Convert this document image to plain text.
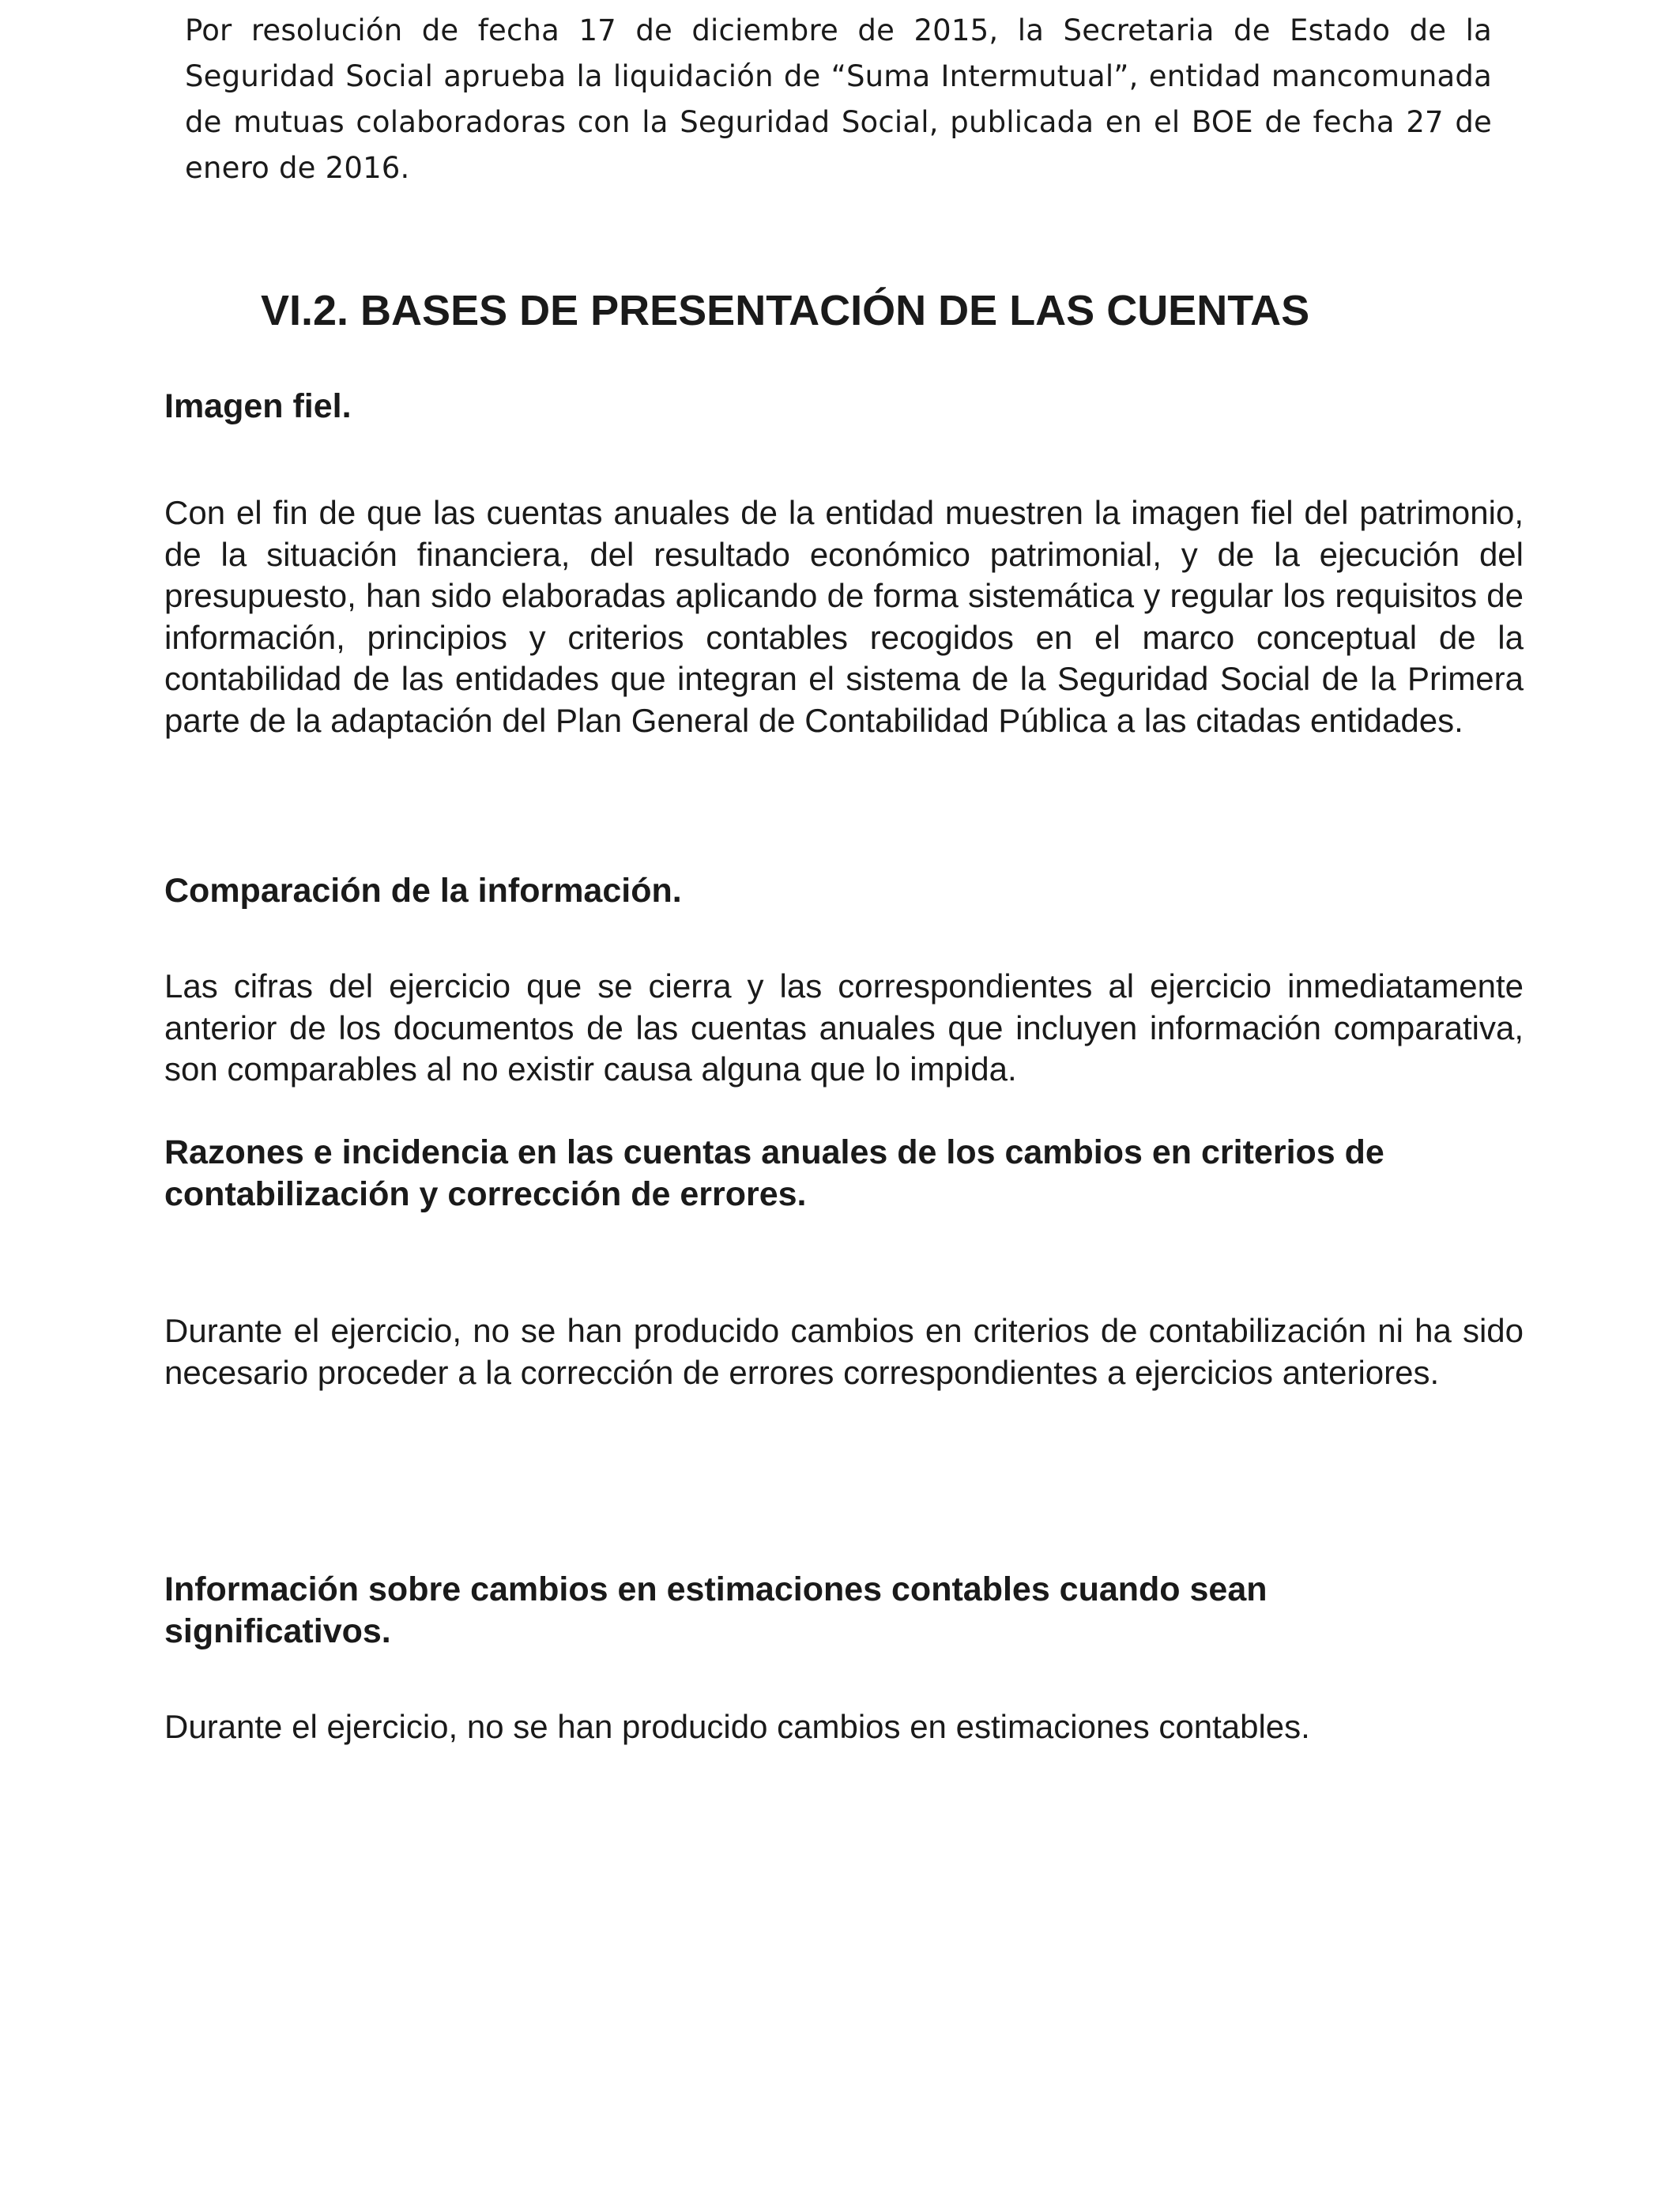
Por resolución de fecha 17 de diciembre de 2015, la Secretaria de Estado de la Seguridad Social aprueba la liquidación de “Suma Intermutual”, entidad mancomunada de mutuas colaboradoras con la Seguridad Social, publicada en el BOE de fecha 27 de enero de 2016.

VI.2. BASES DE PRESENTACIÓN DE LAS CUENTAS
Imagen fiel.

Con el fin de que las cuentas anuales de la entidad muestren la imagen fiel del patrimonio, de la situación financiera, del resultado económico patrimonial, y de la ejecución del presupuesto, han sido elaboradas aplicando de forma sistemática y regular los requisitos de información, principios y criterios contables recogidos en el marco conceptual de la contabilidad de las entidades que integran el sistema de la Seguridad Social de la Primera parte de la adaptación del Plan General de Contabilidad Pública a las citadas entidades.

Comparación de la información.

Las cifras del ejercicio que se cierra y las correspondientes al ejercicio inmediatamente anterior de los documentos de las cuentas anuales que incluyen información comparativa, son comparables al no existir causa alguna que lo impida.

Razones e incidencia en las cuentas anuales de los cambios en criterios de contabilización y corrección de errores.

Durante el ejercicio, no se han producido cambios en criterios de contabilización ni ha sido necesario proceder a la corrección de errores correspondientes a ejercicios anteriores.

Información sobre cambios en estimaciones contables cuando sean significativos.

Durante el ejercicio, no se han producido cambios en estimaciones contables.
